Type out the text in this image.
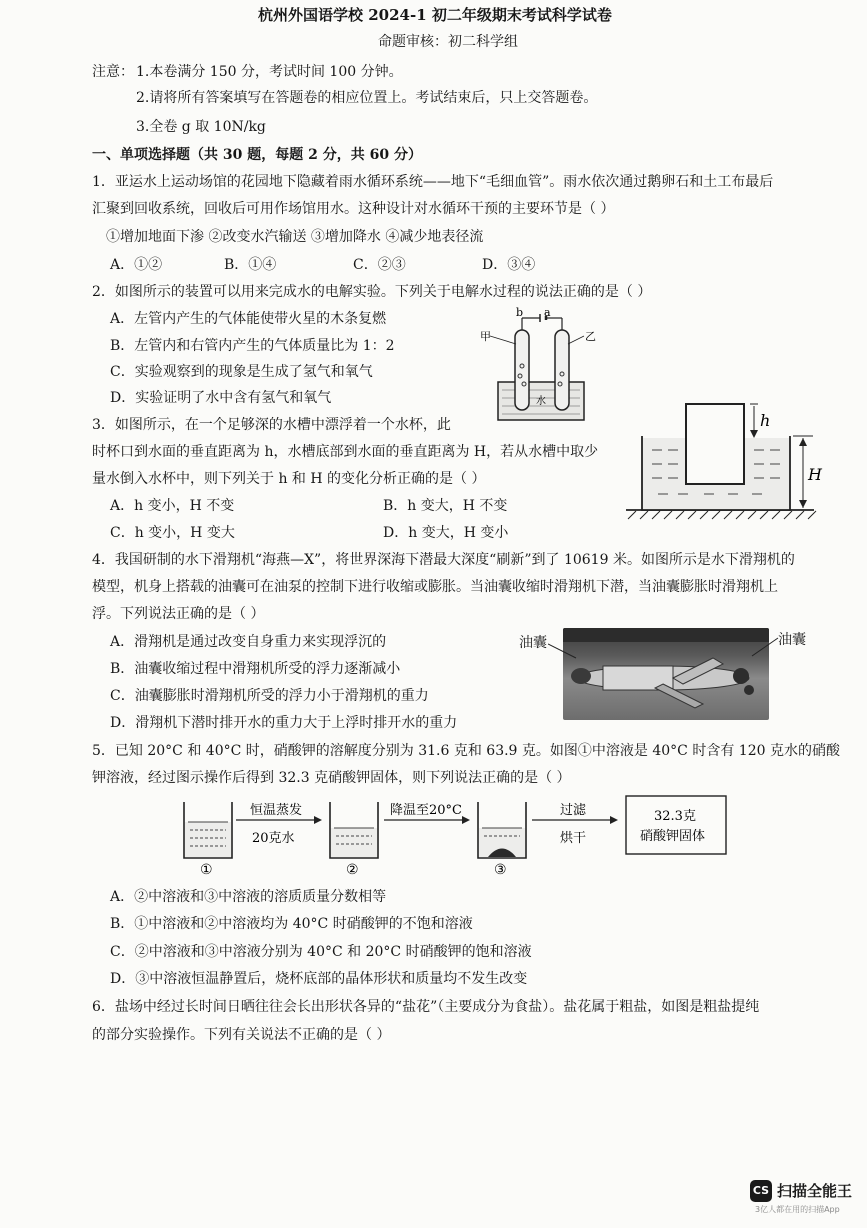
杭州外国语学校 2024-1 初二年级期末考试科学试卷
命题审核：初二科学组
注意： 1.本卷满分 150 分，考试时间 100 分钟。
2.请将所有答案填写在答题卷的相应位置上。考试结束后，只上交答题卷。
3.全卷 g 取 10N/kg
一、单项选择题（共 30 题，每题 2 分，共 60 分）
1．亚运水上运动场馆的花园地下隐藏着雨水循环系统——地下“毛细血管”。雨水依次通过鹅卵石和土工布最后
汇聚到回收系统，回收后可用作场馆用水。这种设计对水循环干预的主要环节是（ ）
①增加地面下渗 ②改变水汽输送 ③增加降水 ④减少地表径流
A．①②	B．①④	C．②③	D．③④
2．如图所示的装置可以用来完成水的电解实验。下列关于电解水过程的说法正确的是（ ）
A．左管内产生的气体能使带火星的木条复燃
B．左管内和右管内产生的气体质量比为 1：2
C．实验观察到的现象是生成了氢气和氧气
D．实验证明了水中含有氢气和氧气
b a
甲	乙
水
3．如图所示，在一个足够深的水槽中漂浮着一个水杯，此
时杯口到水面的垂直距离为 h，水槽底部到水面的垂直距离为 H，若从水槽中取少
量水倒入水杯中，则下列关于 h 和 H 的变化分析正确的是（ ）
A．h 变小，H 不变	B．h 变大，H 不变
C．h 变小，H 变大	D．h 变大，H 变小
h
H
4．我国研制的水下滑翔机“海燕—X”，将世界深海下潜最大深度“刷新”到了 10619 米。如图所示是水下滑翔机的
模型，机身上搭载的油囊可在油泵的控制下进行收缩或膨胀。当油囊收缩时滑翔机下潜，当油囊膨胀时滑翔机上
浮。下列说法正确的是（ ）
A．滑翔机是通过改变自身重力来实现浮沉的
B．油囊收缩过程中滑翔机所受的浮力逐渐减小
C．油囊膨胀时滑翔机所受的浮力小于滑翔机的重力
D．滑翔机下潜时排开水的重力大于上浮时排开水的重力
油囊	油囊
5．已知 20°C 和 40°C 时，硝酸钾的溶解度分别为 31.6 克和 63.9 克。如图①中溶液是 40°C 时含有 120 克水的硝酸
钾溶液，经过图示操作后得到 32.3 克硝酸钾固体，则下列说法正确的是（ ）
①
恒温蒸发
20克水
②
降温至20°C
③
过滤
烘干
32.3克
硝酸钾固体
A．②中溶液和③中溶液的溶质质量分数相等
B．①中溶液和②中溶液均为 40°C 时硝酸钾的不饱和溶液
C．②中溶液和③中溶液分别为 40°C 和 20°C 时硝酸钾的饱和溶液
D．③中溶液恒温静置后，烧杯底部的晶体形状和质量均不发生改变
6．盐场中经过长时间日晒往往会长出形状各异的“盐花”（主要成分为食盐）。盐花属于粗盐，如图是粗盐提纯
的部分实验操作。下列有关说法不正确的是（ ）
CS 扫描全能王
3亿人都在用的扫描App
